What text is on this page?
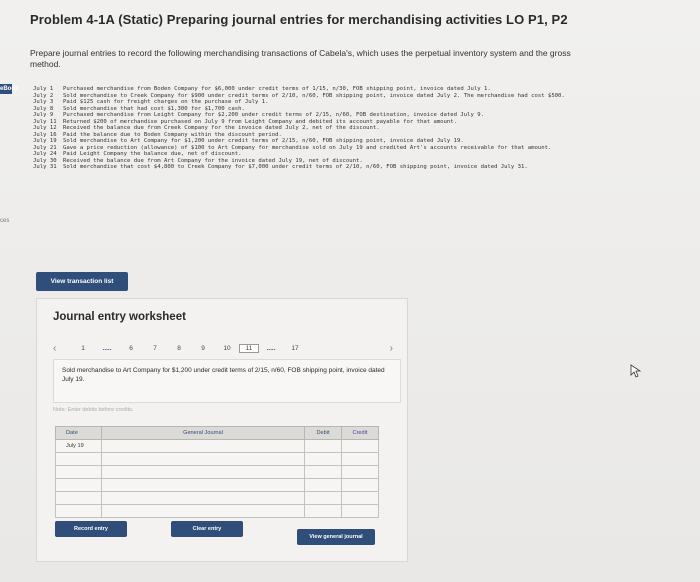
Problem 4-1A (Static) Preparing journal entries for merchandising activities LO P1, P2
Prepare journal entries to record the following merchandising transactions of Cabela's, which uses the perpetual inventory system and the gross method.
eBook
ces
July 1 Purchased merchandise from Boden Company for $6,000 under credit terms of 1/15, n/30, FOB shipping point, invoice dated July 1.
July 2 Sold merchandise to Creek Company for $900 under credit terms of 2/10, n/60, FOB shipping point, invoice dated July 2. The merchandise had cost $500.
July 3 Paid $125 cash for freight charges on the purchase of July 1.
July 8 Sold merchandise that had cost $1,300 for $1,700 cash.
July 9 Purchased merchandise from Leight Company for $2,200 under credit terms of 2/15, n/60, FOB destination, invoice dated July 9.
July 11 Returned $200 of merchandise purchased on July 9 from Leight Company and debited its account payable for that amount.
July 12 Received the balance due from Creek Company for the invoice dated July 2, net of the discount.
July 16 Paid the balance due to Boden Company within the discount period.
July 19 Sold merchandise to Art Company for $1,200 under credit terms of 2/15, n/60, FOB shipping point, invoice dated July 19.
July 21 Gave a price reduction (allowance) of $100 to Art Company for merchandise sold on July 19 and credited Art's accounts receivable for that amount.
July 24 Paid Leight Company the balance due, net of discount.
July 30 Received the balance due from Art Company for the invoice dated July 19, net of discount.
July 31 Sold merchandise that cost $4,800 to Creek Company for $7,000 under credit terms of 2/10, n/60, FOB shipping point, invoice dated July 31.
View transaction list
Journal entry worksheet
‹	1	.....	6	7	8	9	10	11	.....	17	›
Sold merchandise to Art Company for $1,200 under credit terms of 2/15, n/60, FOB shipping point, invoice dated July 19.
Note: Enter debits before credits.
Date	General Journal	Debit	Credit
July 19			

Record entry	Clear entry
View general journal
